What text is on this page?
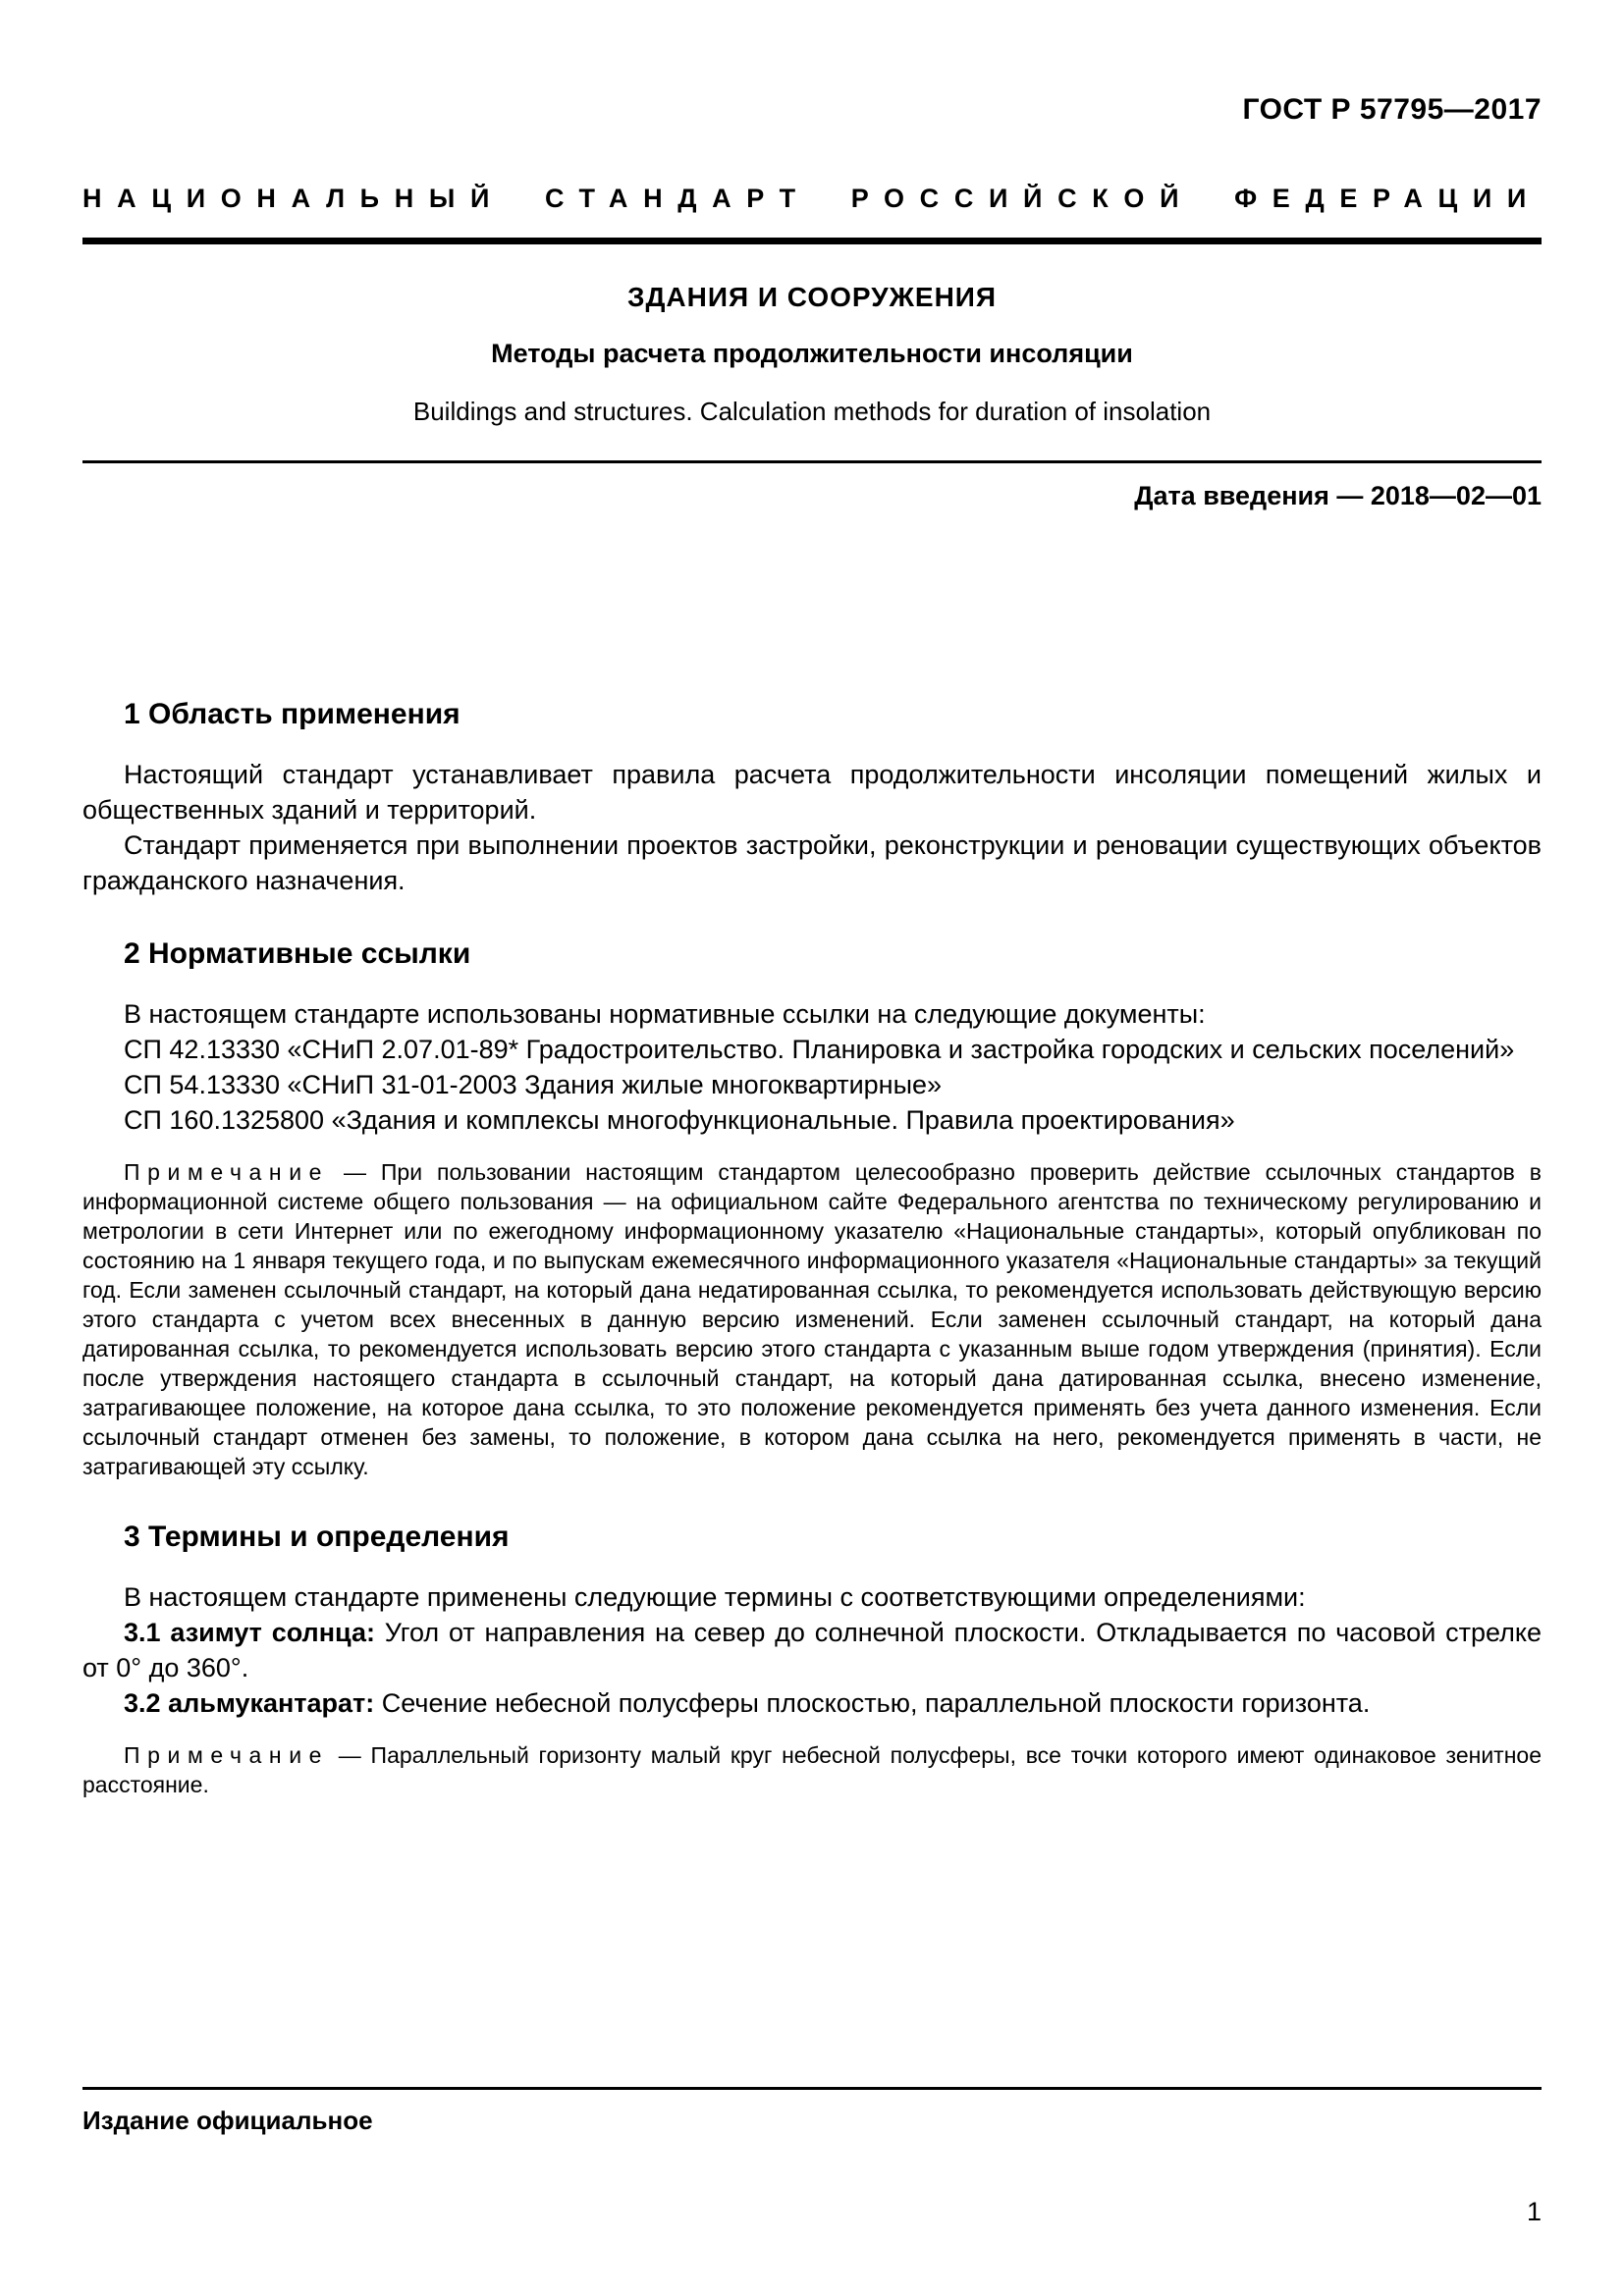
ГОСТ Р 57795—2017
НАЦИОНАЛЬНЫЙ СТАНДАРТ РОССИЙСКОЙ ФЕДЕРАЦИИ
ЗДАНИЯ И СООРУЖЕНИЯ
Методы расчета продолжительности инсоляции
Buildings and structures. Calculation methods for duration of insolation
Дата введения — 2018—02—01
1 Область применения

Настоящий стандарт устанавливает правила расчета продолжительности инсоляции помещений жилых и общественных зданий и территорий.

Стандарт применяется при выполнении проектов застройки, реконструкции и реновации существующих объектов гражданского назначения.

2 Нормативные ссылки

В настоящем стандарте использованы нормативные ссылки на следующие документы:

СП 42.13330 «СНиП 2.07.01-89* Градостроительство. Планировка и застройка городских и сельских поселений»

СП 54.13330 «СНиП 31-01-2003 Здания жилые многоквартирные»

СП 160.1325800 «Здания и комплексы многофункциональные. Правила проектирования»

Примечание — При пользовании настоящим стандартом целесообразно проверить действие ссылочных стандартов в информационной системе общего пользования — на официальном сайте Федерального агентства по техническому регулированию и метрологии в сети Интернет или по ежегодному информационному указателю «Национальные стандарты», который опубликован по состоянию на 1 января текущего года, и по выпускам ежемесячного информационного указателя «Национальные стандарты» за текущий год. Если заменен ссылочный стандарт, на который дана недатированная ссылка, то рекомендуется использовать действующую версию этого стандарта с учетом всех внесенных в данную версию изменений. Если заменен ссылочный стандарт, на который дана датированная ссылка, то рекомендуется использовать версию этого стандарта с указанным выше годом утверждения (принятия). Если после утверждения настоящего стандарта в ссылочный стандарт, на который дана датированная ссылка, внесено изменение, затрагивающее положение, на которое дана ссылка, то это положение рекомендуется применять без учета данного изменения. Если ссылочный стандарт отменен без замены, то положение, в котором дана ссылка на него, рекомендуется применять в части, не затрагивающей эту ссылку.

3 Термины и определения

В настоящем стандарте применены следующие термины с соответствующими определениями:

3.1 азимут солнца: Угол от направления на север до солнечной плоскости. Откладывается по часовой стрелке от 0° до 360°.

3.2 альмукантарат: Сечение небесной полусферы плоскостью, параллельной плоскости горизонта.

Примечание — Параллельный горизонту малый круг небесной полусферы, все точки которого имеют одинаковое зенитное расстояние.

Издание официальное
1
